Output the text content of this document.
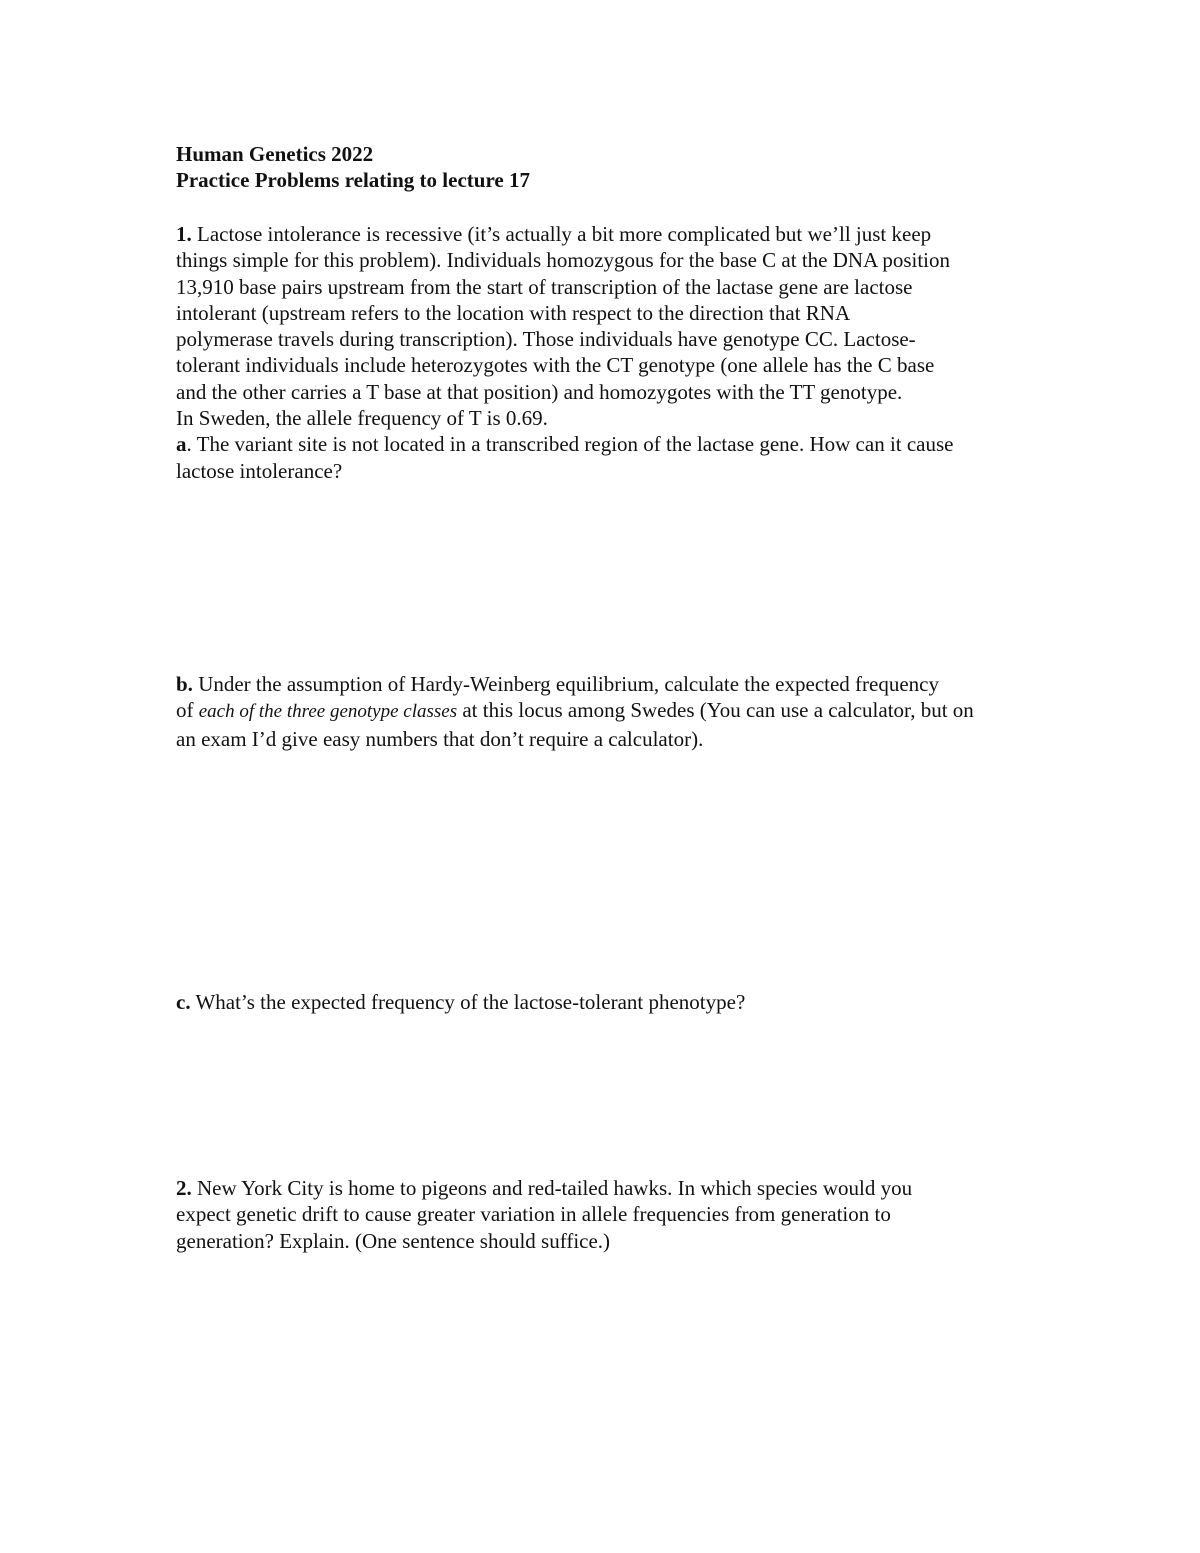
Human Genetics 2022
Practice Problems relating to lecture 17
1. Lactose intolerance is recessive (it’s actually a bit more complicated but we’ll just keep
things simple for this problem). Individuals homozygous for the base C at the DNA position
13,910 base pairs upstream from the start of transcription of the lactase gene are lactose
intolerant (upstream refers to the location with respect to the direction that RNA
polymerase travels during transcription). Those individuals have genotype CC. Lactose-
tolerant individuals include heterozygotes with the CT genotype (one allele has the C base
and the other carries a T base at that position) and homozygotes with the TT genotype.
In Sweden, the allele frequency of T is 0.69.
a. The variant site is not located in a transcribed region of the lactase gene. How can it cause
lactose intolerance?
b. Under the assumption of Hardy-Weinberg equilibrium, calculate the expected frequency
of each of the three genotype classes at this locus among Swedes (You can use a calculator, but on
an exam I’d give easy numbers that don’t require a calculator).
c. What’s the expected frequency of the lactose-tolerant phenotype?
2. New York City is home to pigeons and red-tailed hawks. In which species would you
expect genetic drift to cause greater variation in allele frequencies from generation to
generation? Explain. (One sentence should suffice.)
